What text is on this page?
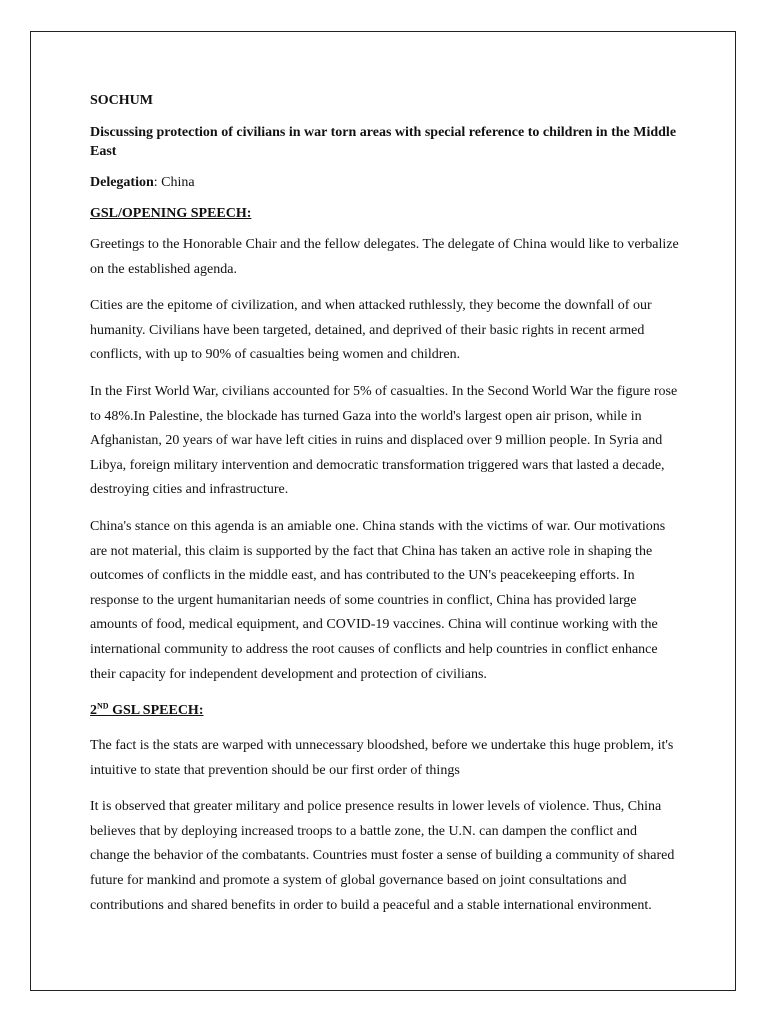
SOCHUM

Discussing protection of civilians in war torn areas with special reference to children in the Middle East

Delegation: China

GSL/OPENING SPEECH:

Greetings to the Honorable Chair and the fellow delegates. The delegate of China would like to verbalize on the established agenda.

Cities are the epitome of civilization, and when attacked ruthlessly, they become the downfall of our humanity. Civilians have been targeted, detained, and deprived of their basic rights in recent armed conflicts, with up to 90% of casualties being women and children.

In the First World War, civilians accounted for 5% of casualties. In the Second World War the figure rose to 48%.In Palestine, the blockade has turned Gaza into the world's largest open air prison, while in Afghanistan, 20 years of war have left cities in ruins and displaced over 9 million people. In Syria and Libya, foreign military intervention and democratic transformation triggered wars that lasted a decade, destroying cities and infrastructure.

China's stance on this agenda is an amiable one. China stands with the victims of war. Our motivations are not material, this claim is supported by the fact that China has taken an active role in shaping the outcomes of conflicts in the middle east, and has contributed to the UN's peacekeeping efforts. In response to the urgent humanitarian needs of some countries in conflict, China has provided large amounts of food, medical equipment, and COVID-19 vaccines. China will continue working with the international community to address the root causes of conflicts and help countries in conflict enhance their capacity for independent development and protection of civilians.

2ND GSL SPEECH:

The fact is the stats are warped with unnecessary bloodshed, before we undertake this huge problem, it's intuitive to state that prevention should be our first order of things

It is observed that greater military and police presence results in lower levels of violence. Thus, China believes that by deploying increased troops to a battle zone, the U.N. can dampen the conflict and change the behavior of the combatants. Countries must foster a sense of building a community of shared future for mankind and promote a system of global governance based on joint consultations and contributions and shared benefits in order to build a peaceful and a stable international environment.
